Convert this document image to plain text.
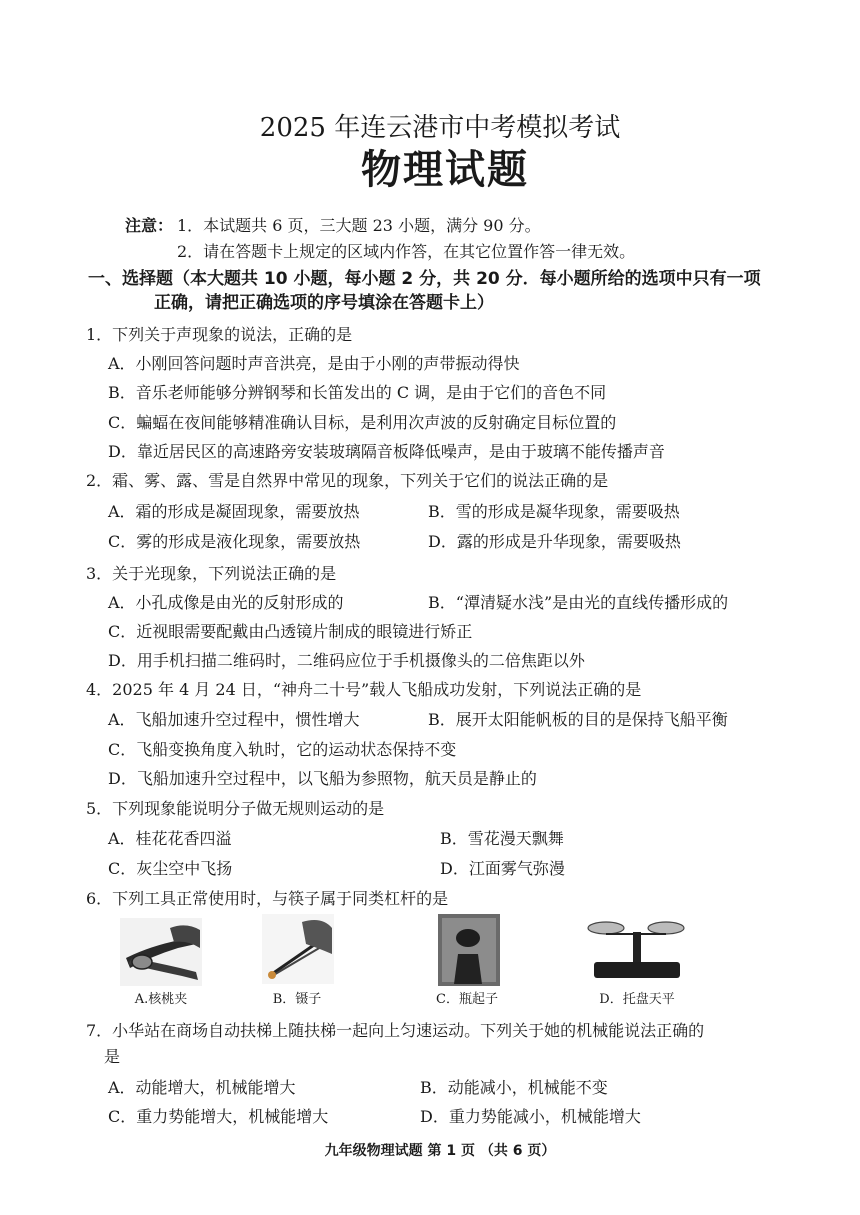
2025 年连云港市中考模拟考试
物理试题
注意： 1．本试题共 6 页，三大题 23 小题，满分 90 分。
2．请在答题卡上规定的区域内作答，在其它位置作答一律无效。
一、选择题（本大题共 10 小题，每小题 2 分，共 20 分．每小题所给的选项中只有一项
正确，请把正确选项的序号填涂在答题卡上）
1．下列关于声现象的说法，正确的是
A．小刚回答问题时声音洪亮，是由于小刚的声带振动得快
B．音乐老师能够分辨钢琴和长笛发出的 C 调，是由于它们的音色不同
C．蝙蝠在夜间能够精准确认目标，是利用次声波的反射确定目标位置的
D．靠近居民区的高速路旁安装玻璃隔音板降低噪声，是由于玻璃不能传播声音
2．霜、雾、露、雪是自然界中常见的现象，下列关于它们的说法正确的是
A．霜的形成是凝固现象，需要放热	B．雪的形成是凝华现象，需要吸热
C．雾的形成是液化现象，需要放热	D．露的形成是升华现象，需要吸热
3．关于光现象，下列说法正确的是
A．小孔成像是由光的反射形成的	B．“潭清疑水浅”是由光的直线传播形成的
C．近视眼需要配戴由凸透镜片制成的眼镜进行矫正
D．用手机扫描二维码时，二维码应位于手机摄像头的二倍焦距以外
4．2025 年 4 月 24 日，“神舟二十号”载人飞船成功发射，下列说法正确的是
A．飞船加速升空过程中，惯性增大	B．展开太阳能帆板的目的是保持飞船平衡
C．飞船变换角度入轨时，它的运动状态保持不变
D．飞船加速升空过程中，以飞船为参照物，航天员是静止的
5．下列现象能说明分子做无规则运动的是
A．桂花花香四溢	B．雪花漫天飘舞
C．灰尘空中飞扬	D．江面雾气弥漫
6．下列工具正常使用时，与筷子属于同类杠杆的是
A.核桃夹	B．镊子	C．瓶起子	D．托盘天平
7．小华站在商场自动扶梯上随扶梯一起向上匀速运动。下列关于她的机械能说法正确的
是
A．动能增大，机械能增大	B．动能减小，机械能不变
C．重力势能增大，机械能增大	D．重力势能减小，机械能增大
九年级物理试题 第 1 页 （共 6 页）
